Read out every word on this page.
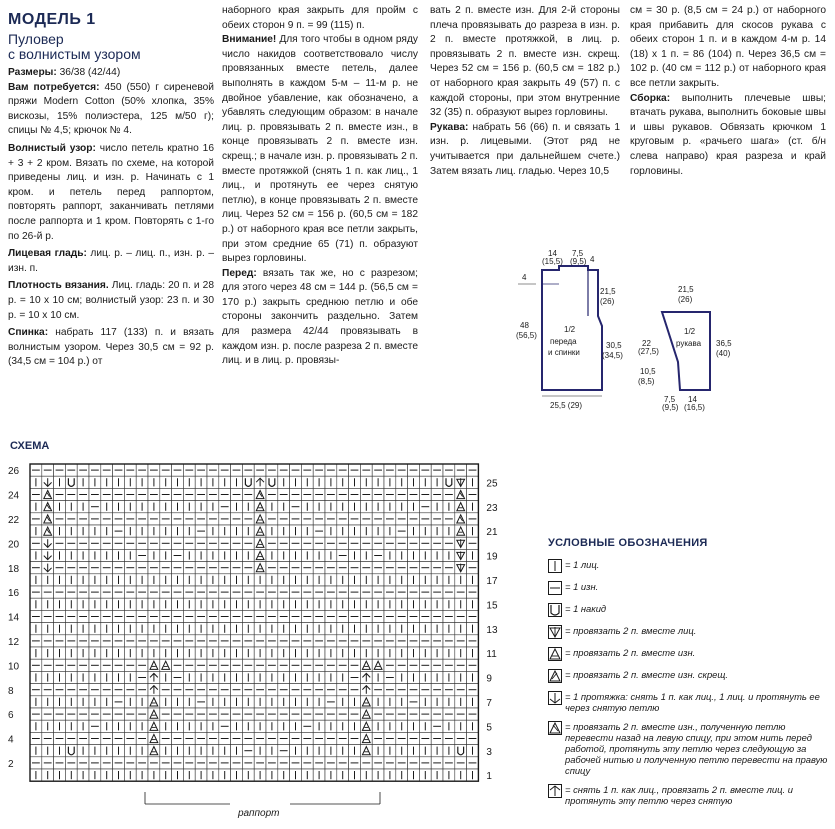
МОДЕЛЬ 1
Пуловер
с волнистым узором

Размеры: 36/38 (42/44)

Вам потребуется: 450 (550) г сиреневой пряжи Modern Cotton (50% хлопка, 35% вискозы, 15% полиэстера, 125 м/50 г); спицы № 4,5; крючок № 4.

Волнистый узор: число петель кратно 16 + 3 + 2 кром. Вязать по схеме, на которой приведены лиц. и изн. р. Начинать с 1 кром. и петель перед раппортом, повторять раппорт, заканчивать петлями после раппорта и 1 кром. Повторять с 1-го по 26-й р.

Лицевая гладь: лиц. р. – лиц. п., изн. р. – изн. п.

Плотность вязания. Лиц. гладь: 20 п. и 28 р. = 10 х 10 см; волнистый узор: 23 п. и 30 р. = 10 х 10 см.

Спинка: набрать 117 (133) п. и вязать волнистым узором. Через 30,5 см = 92 р. (34,5 см = 104 р.) от

наборного края закрыть для пройм с обеих сторон 9 п. = 99 (115) п.

Внимание! Для того чтобы в одном ряду число накидов соответствовало числу провязанных вместе петель, далее выполнять в каждом 5-м – 11-м р. не двойное убавление, как обозначено, а убавлять следующим образом: в начале лиц. р. провязывать 2 п. вместе изн., в конце провязывать 2 п. вместе изн. скрещ.; в начале изн. р. провязывать 2 п. вместе протяжкой (снять 1 п. как лиц., 1 лиц., и протянуть ее через снятую петлю), в конце провязывать 2 п. вместе лиц. Через 52 см = 156 р. (60,5 см = 182 р.) от наборного края все петли закрыть, при этом средние 65 (71) п. образуют вырез горловины.

Перед: вязать так же, но с разрезом; для этого через 48 см = 144 р. (56,5 см = 170 р.) закрыть среднюю петлю и обе стороны закончить раздельно. Затем для размера 42/44 провязывать в каждом изн. р. после разреза 2 п. вместе лиц. и в лиц. р. провязы-

вать 2 п. вместе изн. Для 2-й стороны плеча провязывать до разреза в изн. р. 2 п. вместе протяжкой, в лиц. р. провязывать 2 п. вместе изн. скрещ. Через 52 см = 156 р. (60,5 см = 182 р.) от наборного края закрыть 49 (57) п. с каждой стороны, при этом внутренние 32 (35) п. образуют вырез горловины.

Рукава: набрать 56 (66) п. и связать 1 изн. р. лицевыми. (Этот ряд не учитывается при дальнейшем счете.) Затем вязать лиц. гладью. Через 10,5

см = 30 р. (8,5 см = 24 р.) от наборного края прибавить для скосов рукава с обеих сторон 1 п. и в каждом 4-м р. 14 (18) х 1 п. = 86 (104) п. Через 36,5 см = 102 р. (40 см = 112 р.) от наборного края все петли закрыть.

Сборка: выполнить плечевые швы; втачать рукава, выполнить боковые швы и швы рукавов. Обвязать крючком 1 круговым р. «рачьего шага» (ст. б/н слева направо) края разреза и край горловины.

1/2
переда
и спинки
14
(15,5)
7,5
(9,5) 4
4
48
(56,5)
21,5
(26)
30,5
(34,5)
25,5 (29)
1/2
рукава
21,5
(26)
22
(27,5)
36,5
(40)
10,5
(8,5)
7,5
(9,5)
14
(16,5)
СХЕМА
26
24
22
20
18
16
14
12
10
8
6
4
2
25
23
21
19
17
15
13
11
9
7
5
3
1
раппорт
УСЛОВНЫЕ ОБОЗНАЧЕНИЯ
= 1 лиц.
= 1 изн.
= 1 накид
= провязать 2 п. вместе лиц.
= провязать 2 п. вместе изн.
= провязать 2 п. вместе изн. скрещ.
= 1 протяжка: снять 1 п. как лиц., 1 лиц. и протянуть ее через снятую петлю
= провязать 2 п. вместе изн., полученную петлю перевести назад на левую спицу, при этом нить перед работой, протянуть эту петлю через следующую за рабочей нитью и полученную петлю перевести на правую спицу
= снять 1 п. как лиц., провязать 2 п. вместе лиц. и протянуть эту петлю через снятую
